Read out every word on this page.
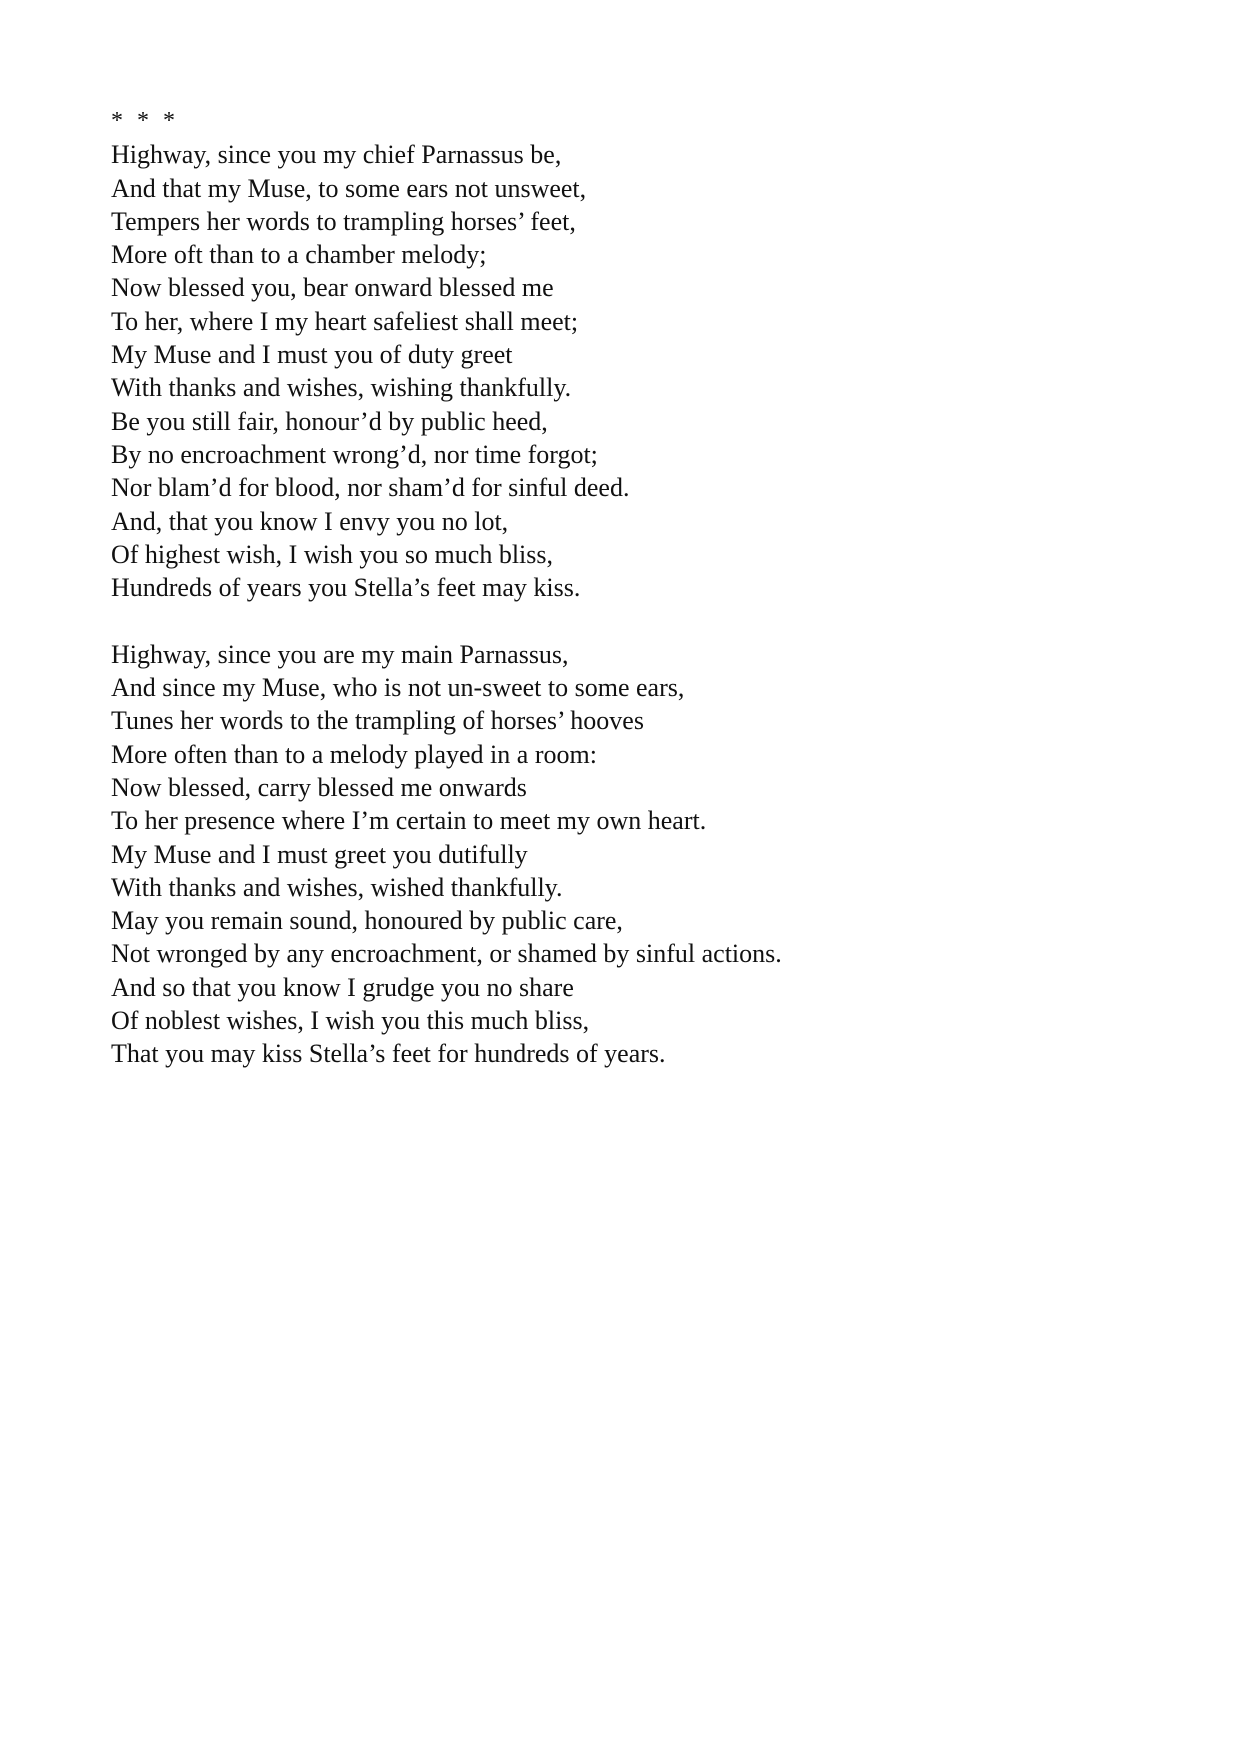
* * *
Highway, since you my chief Parnassus be,
And that my Muse, to some ears not unsweet,
Tempers her words to trampling horses’ feet,
More oft than to a chamber melody;
Now blessed you, bear onward blessed me
To her, where I my heart safeliest shall meet;
My Muse and I must you of duty greet
With thanks and wishes, wishing thankfully.
Be you still fair, honour’d by public heed,
By no encroachment wrong’d, nor time forgot;
Nor blam’d for blood, nor sham’d for sinful deed.
And, that you know I envy you no lot,
Of highest wish, I wish you so much bliss,
Hundreds of years you Stella’s feet may kiss.
Highway, since you are my main Parnassus,
And since my Muse, who is not un-sweet to some ears,
Tunes her words to the trampling of horses’ hooves
More often than to a melody played in a room:
Now blessed, carry blessed me onwards
To her presence where I’m certain to meet my own heart.
My Muse and I must greet you dutifully
With thanks and wishes, wished thankfully.
May you remain sound, honoured by public care,
Not wronged by any encroachment, or shamed by sinful actions.
And so that you know I grudge you no share
Of noblest wishes, I wish you this much bliss,
That you may kiss Stella’s feet for hundreds of years.
